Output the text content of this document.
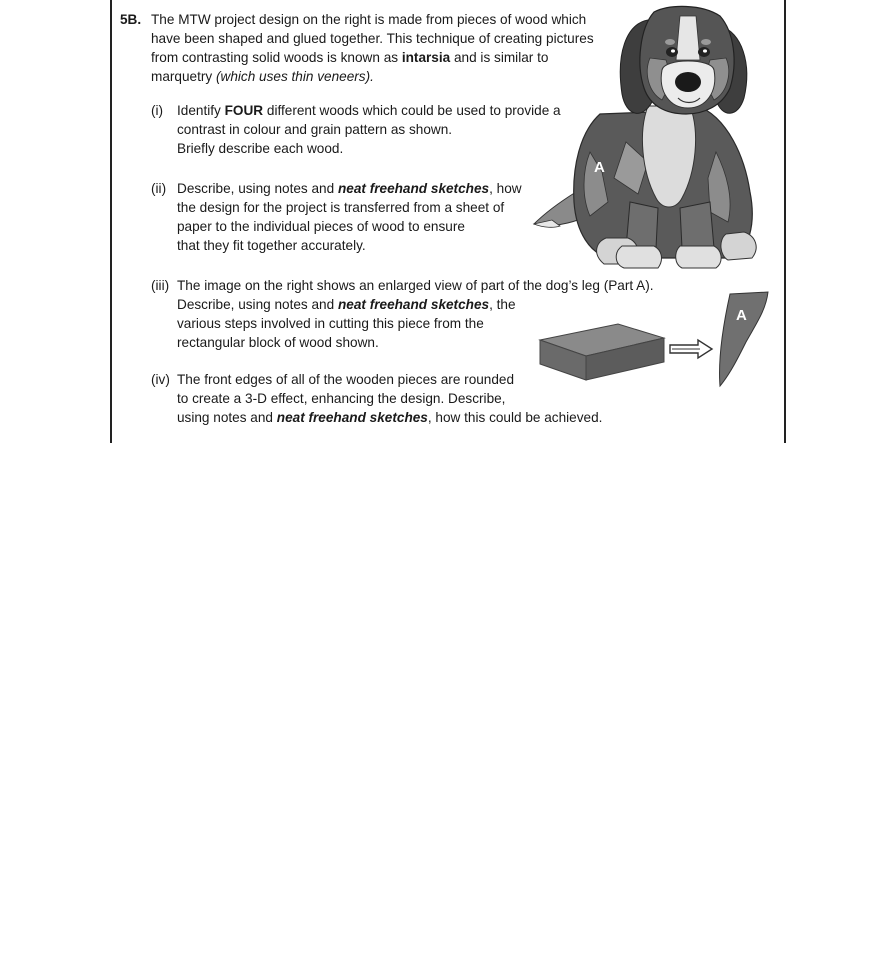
5B. The MTW project design on the right is made from pieces of wood which

have been shaped and glued together. This technique of creating pictures

from contrasting solid woods is known as intarsia and is similar to

marquetry (which uses thin veneers).

(i) Identify FOUR different woods which could be used to provide a

contrast in colour and grain pattern as shown.

Briefly describe each wood.

(ii) Describe, using notes and neat freehand sketches, how

the design for the project is transferred from a sheet of

paper to the individual pieces of wood to ensure

that they fit together accurately.

(iii) The image on the right shows an enlarged view of part of the dog’s leg (Part A).

Describe, using notes and neat freehand sketches, the

various steps involved in cutting this piece from the

rectangular block of wood shown.

(iv) The front edges of all of the wooden pieces are rounded

to create a 3-D effect, enhancing the design. Describe,

using notes and neat freehand sketches, how this could be achieved.

A
A
